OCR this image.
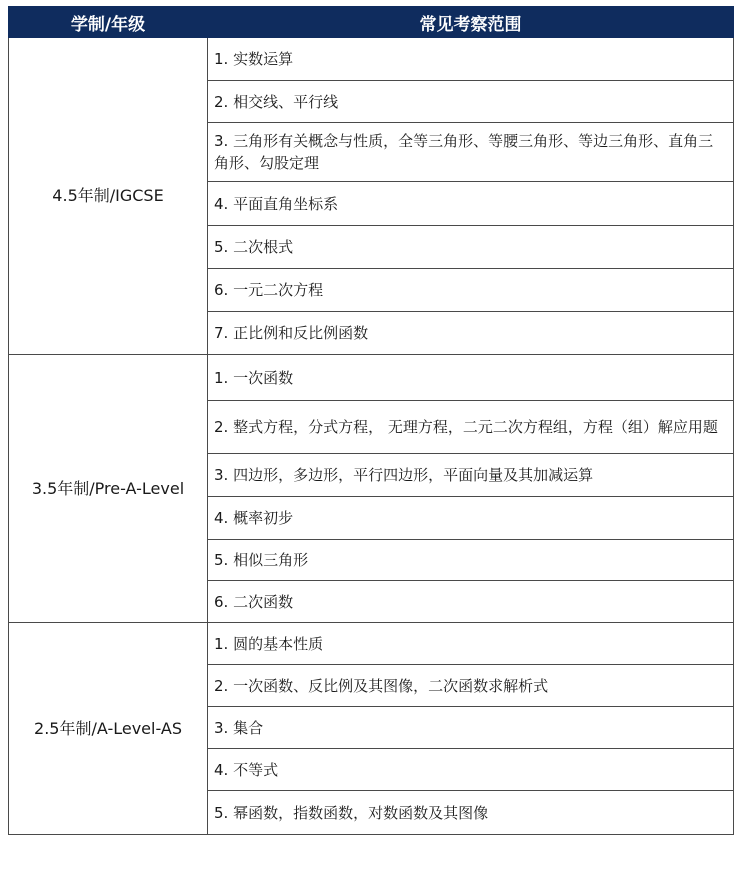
学制/年级	常见考察范围
4.5年制/IGCSE	1. 实数运算
	2. 相交线、平行线
	3. 三角形有关概念与性质，全等三角形、等腰三角形、等边三角形、直角三角形、勾股定理
	4. 平面直角坐标系
	5. 二次根式
	6. 一元二次方程
	7. 正比例和反比例函数
3.5年制/Pre-A-Level	1. 一次函数
	2. 整式方程，分式方程， 无理方程，二元二次方程组，方程（组）解应用题
	3. 四边形，多边形，平行四边形，平面向量及其加减运算
	4. 概率初步
	5. 相似三角形
	6. 二次函数
2.5年制/A-Level-AS	1. 圆的基本性质
	2. 一次函数、反比例及其图像，二次函数求解析式
	3. 集合
	4. 不等式
	5. 幂函数，指数函数，对数函数及其图像
